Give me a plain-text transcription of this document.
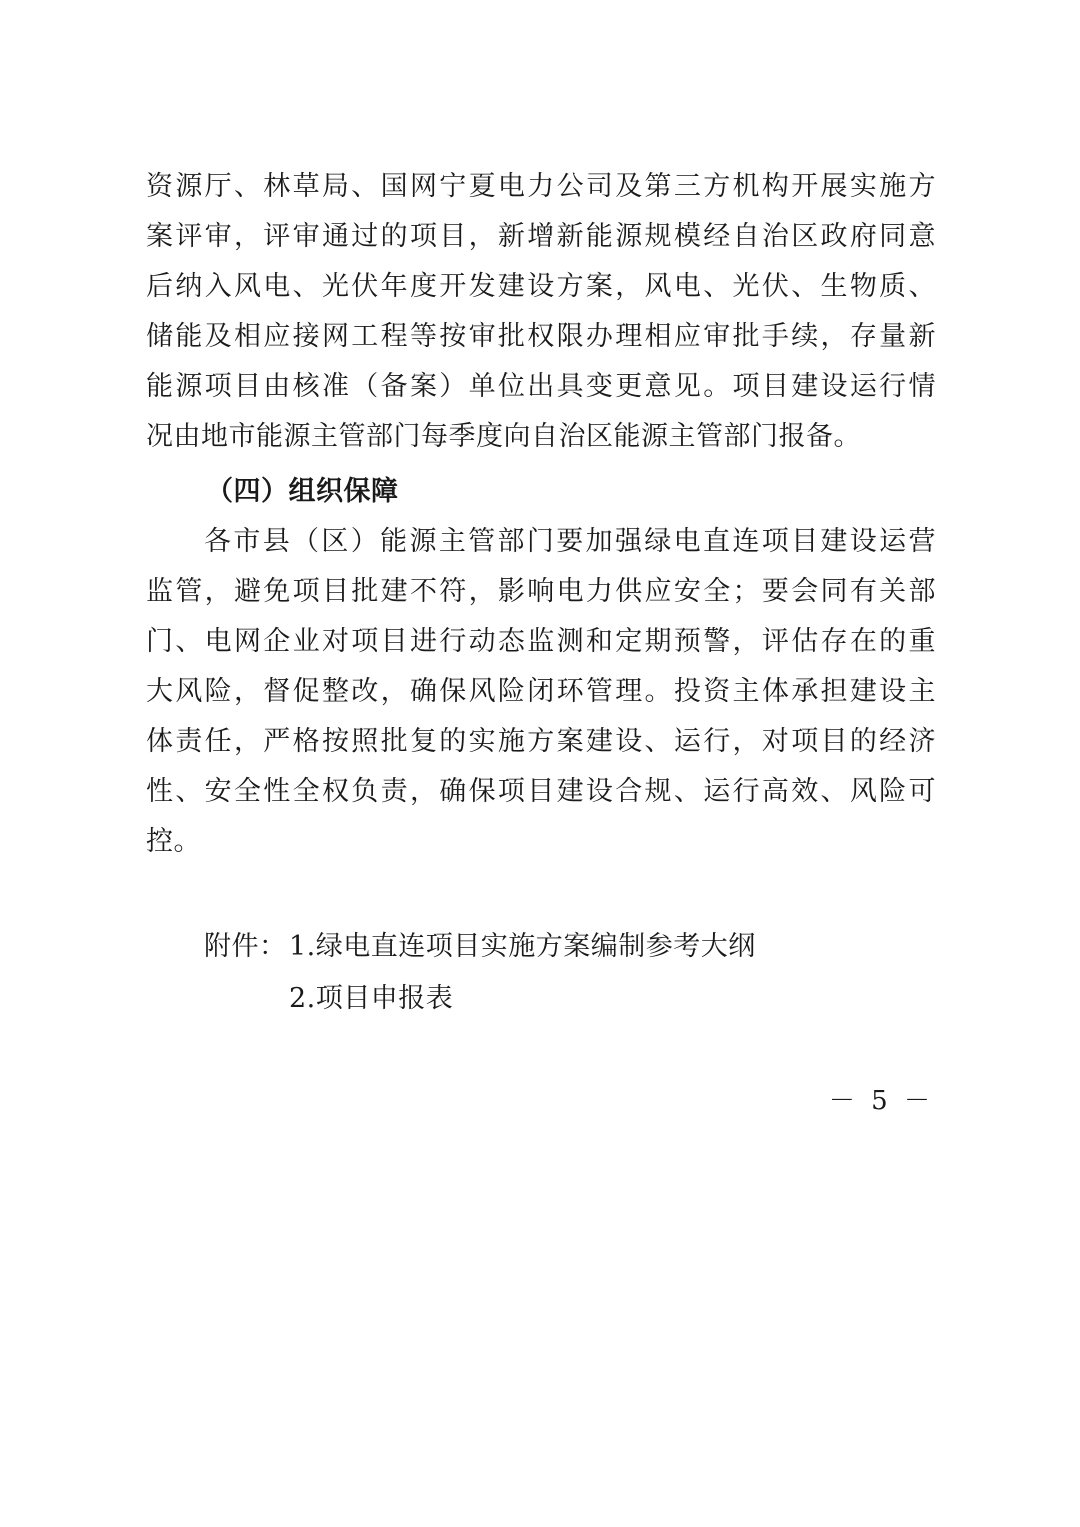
资源厅、林草局、国网宁夏电力公司及第三方机构开展实施方
案评审，评审通过的项目，新增新能源规模经自治区政府同意
后纳入风电、光伏年度开发建设方案，风电、光伏、生物质、
储能及相应接网工程等按审批权限办理相应审批手续，存量新
能源项目由核准（备案）单位出具变更意见。项目建设运行情
况由地市能源主管部门每季度向自治区能源主管部门报备。
（四）组织保障
各市县（区）能源主管部门要加强绿电直连项目建设运营
监管，避免项目批建不符，影响电力供应安全；要会同有关部
门、电网企业对项目进行动态监测和定期预警，评估存在的重
大风险，督促整改，确保风险闭环管理。投资主体承担建设主
体责任，严格按照批复的实施方案建设、运行，对项目的经济
性、安全性全权负责，确保项目建设合规、运行高效、风险可
控。
附件： 1.绿电直连项目实施方案编制参考大纲
2.项目申报表
－ 5 －
